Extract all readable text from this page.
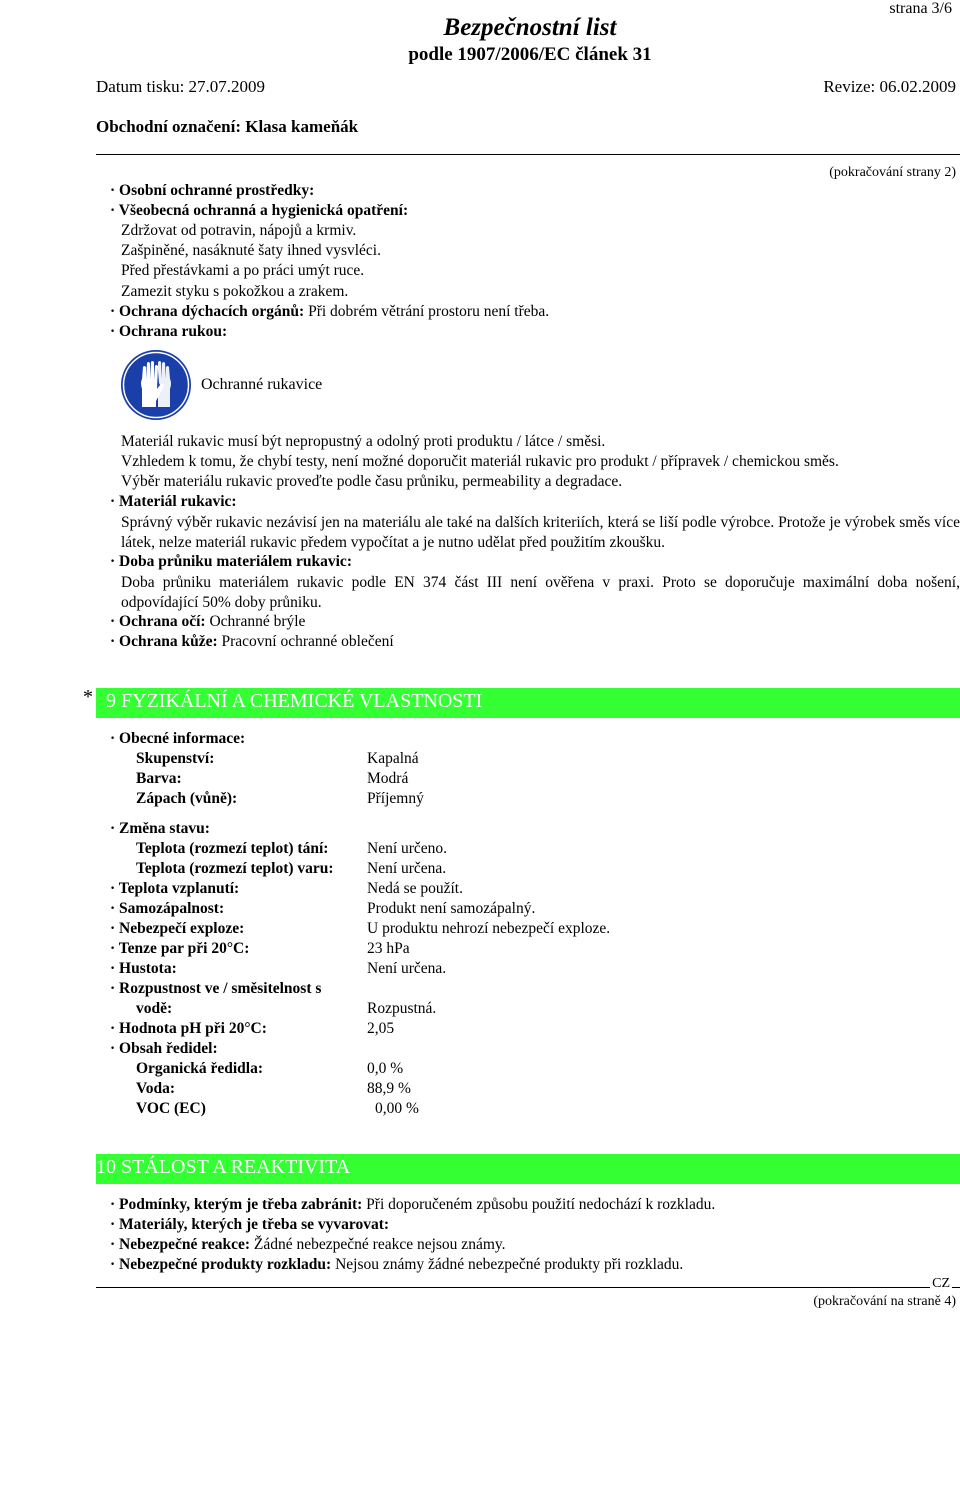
strana 3/6
Bezpečnostní list
podle 1907/2006/EC článek 31
Datum tisku: 27.07.2009	Revize: 06.02.2009
Obchodní označení: Klasa kameňák
(pokračování strany 2)
· Osobní ochranné prostředky:
· Všeobecná ochranná a hygienická opatření:
Zdržovat od potravin, nápojů a krmiv.
Zašpiněné, nasáknuté šaty ihned vysvléci.
Před přestávkami a po práci umýt ruce.
Zamezit styku s pokožkou a zrakem.
· Ochrana dýchacích orgánů: Při dobrém větrání prostoru není třeba.
· Ochrana rukou:
Ochranné rukavice
Materiál rukavic musí být nepropustný a odolný proti produktu / látce / směsi.
Vzhledem k tomu, že chybí testy, není možné doporučit materiál rukavic pro produkt / přípravek / chemickou směs.
Výběr materiálu rukavic proveďte podle času průniku, permeability a degradace.
· Materiál rukavic:
Správný výběr rukavic nezávisí jen na materiálu ale také na dalších kriteriích, která se liší podle výrobce. Protože je výrobek směs více látek, nelze materiál rukavic předem vypočítat a je nutno udělat před použitím zkoušku.
· Doba průniku materiálem rukavic:
Doba průniku materiálem rukavic podle EN 374 část III není ověřena v praxi. Proto se doporučuje maximální doba nošení, odpovídající 50% doby průniku.
· Ochrana očí: Ochranné brýle
· Ochrana kůže: Pracovní ochranné oblečení
* 9 FYZIKÁLNÍ A CHEMICKÉ VLASTNOSTI
· Obecné informace:
Skupenství:	Kapalná
Barva:	Modrá
Zápach (vůně):	Příjemný
· Změna stavu:
Teplota (rozmezí teplot) tání: Není určeno.
Teplota (rozmezí teplot) varu: Není určena.
· Teplota vzplanutí:	Nedá se použít.
· Samozápalnost:	Produkt není samozápalný.
· Nebezpečí exploze:	U produktu nehrozí nebezpečí exploze.
· Tenze par při 20°C:	23 hPa
· Hustota:	Není určena.
· Rozpustnost ve / směsitelnost s
vodě:	Rozpustná.
· Hodnota pH při 20°C:	2,05
· Obsah ředidel:
Organická ředidla:	0,0 %
Voda:	88,9 %
VOC (EC)	0,00 %
10 STÁLOST A REAKTIVITA
· Podmínky, kterým je třeba zabránit: Při doporučeném způsobu použití nedochází k rozkladu.
· Materiály, kterých je třeba se vyvarovat:
· Nebezpečné reakce: Žádné nebezpečné reakce nejsou známy.
· Nebezpečné produkty rozkladu: Nejsou známy žádné nebezpečné produkty při rozkladu.
CZ
(pokračování na straně 4)
